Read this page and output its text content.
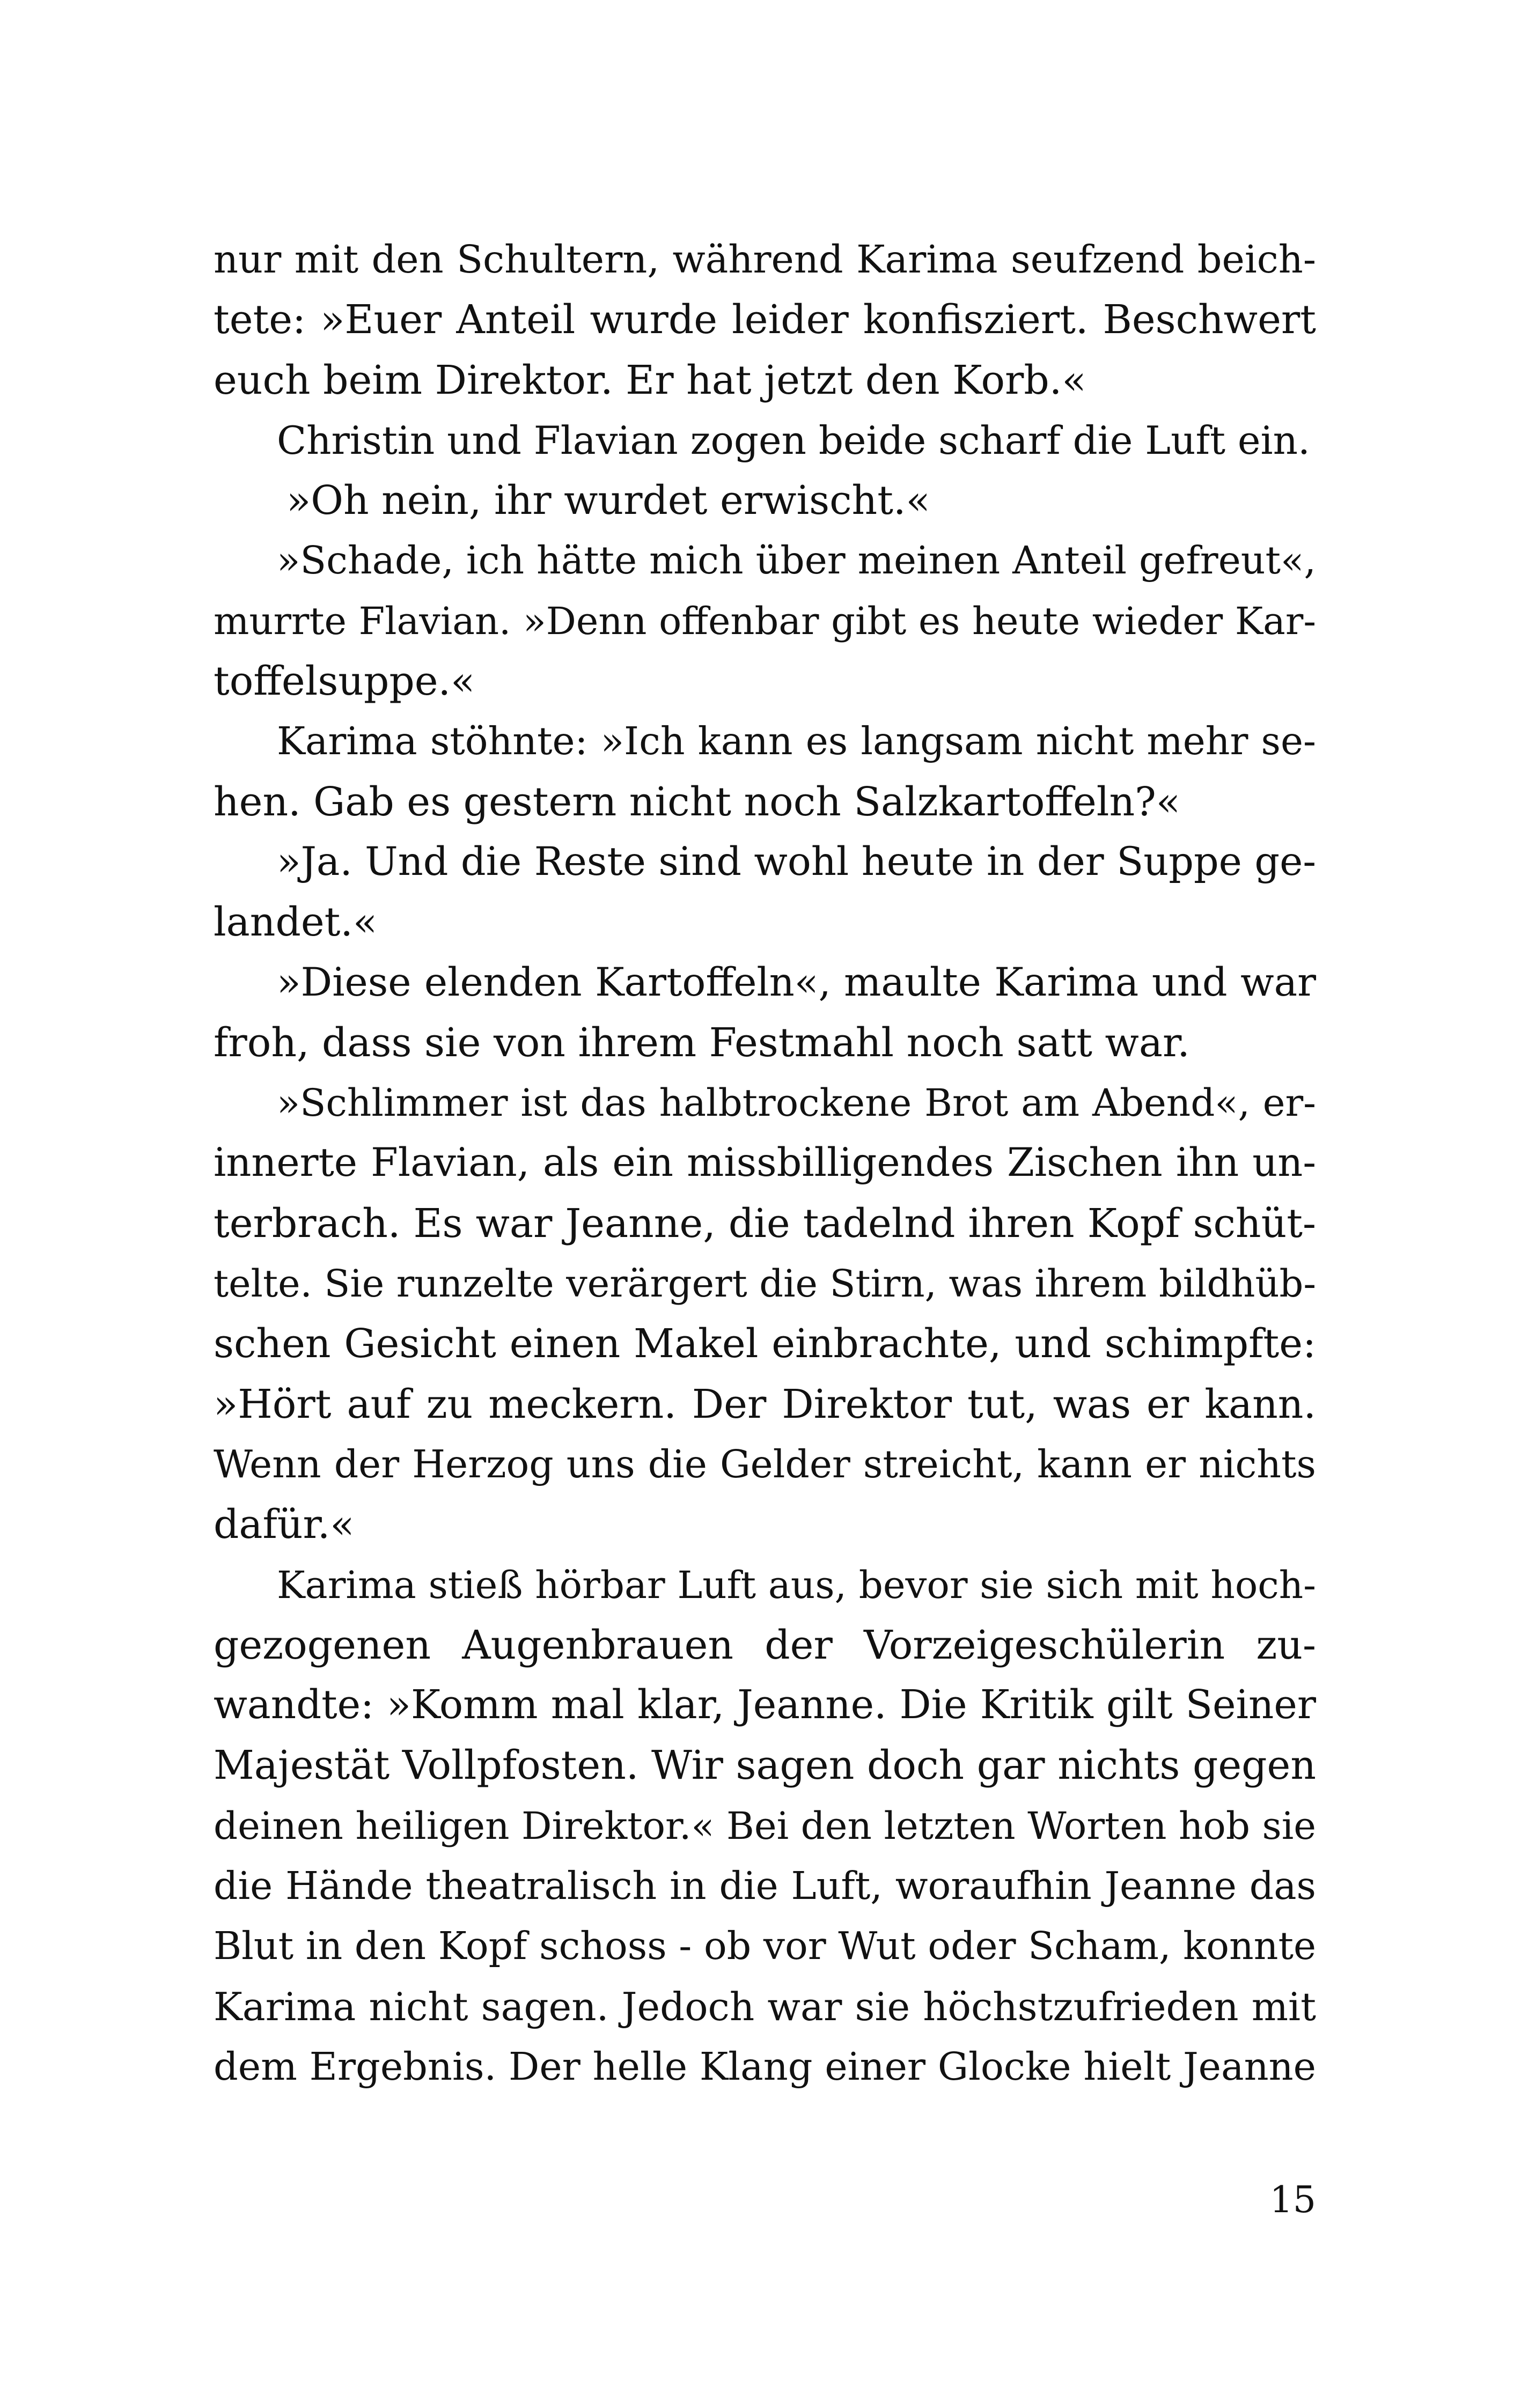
nur mit den Schultern, während Karima seufzend beich-
tete: »Euer Anteil wurde leider konfisziert. Beschwert
euch beim Direktor. Er hat jetzt den Korb.«
Christin und Flavian zogen beide scharf die Luft ein.
»Oh nein, ihr wurdet erwischt.«
»Schade, ich hätte mich über meinen Anteil gefreut«,
murrte Flavian. »Denn offenbar gibt es heute wieder Kar-
toffelsuppe.«
Karima stöhnte: »Ich kann es langsam nicht mehr se-
hen. Gab es gestern nicht noch Salzkartoffeln?«
»Ja. Und die Reste sind wohl heute in der Suppe ge-
landet.«
»Diese elenden Kartoffeln«, maulte Karima und war
froh, dass sie von ihrem Festmahl noch satt war.
»Schlimmer ist das halbtrockene Brot am Abend«, er-
innerte Flavian, als ein missbilligendes Zischen ihn un-
terbrach. Es war Jeanne, die tadelnd ihren Kopf schüt-
telte. Sie runzelte verärgert die Stirn, was ihrem bildhüb-
schen Gesicht einen Makel einbrachte, und schimpfte:
»Hört auf zu meckern. Der Direktor tut, was er kann.
Wenn der Herzog uns die Gelder streicht, kann er nichts
dafür.«
Karima stieß hörbar Luft aus, bevor sie sich mit hoch-
gezogenen Augenbrauen der Vorzeigeschülerin zu-
wandte: »Komm mal klar, Jeanne. Die Kritik gilt Seiner
Majestät Vollpfosten. Wir sagen doch gar nichts gegen
deinen heiligen Direktor.« Bei den letzten Worten hob sie
die Hände theatralisch in die Luft, woraufhin Jeanne das
Blut in den Kopf schoss - ob vor Wut oder Scham, konnte
Karima nicht sagen. Jedoch war sie höchstzufrieden mit
dem Ergebnis. Der helle Klang einer Glocke hielt Jeanne
15
